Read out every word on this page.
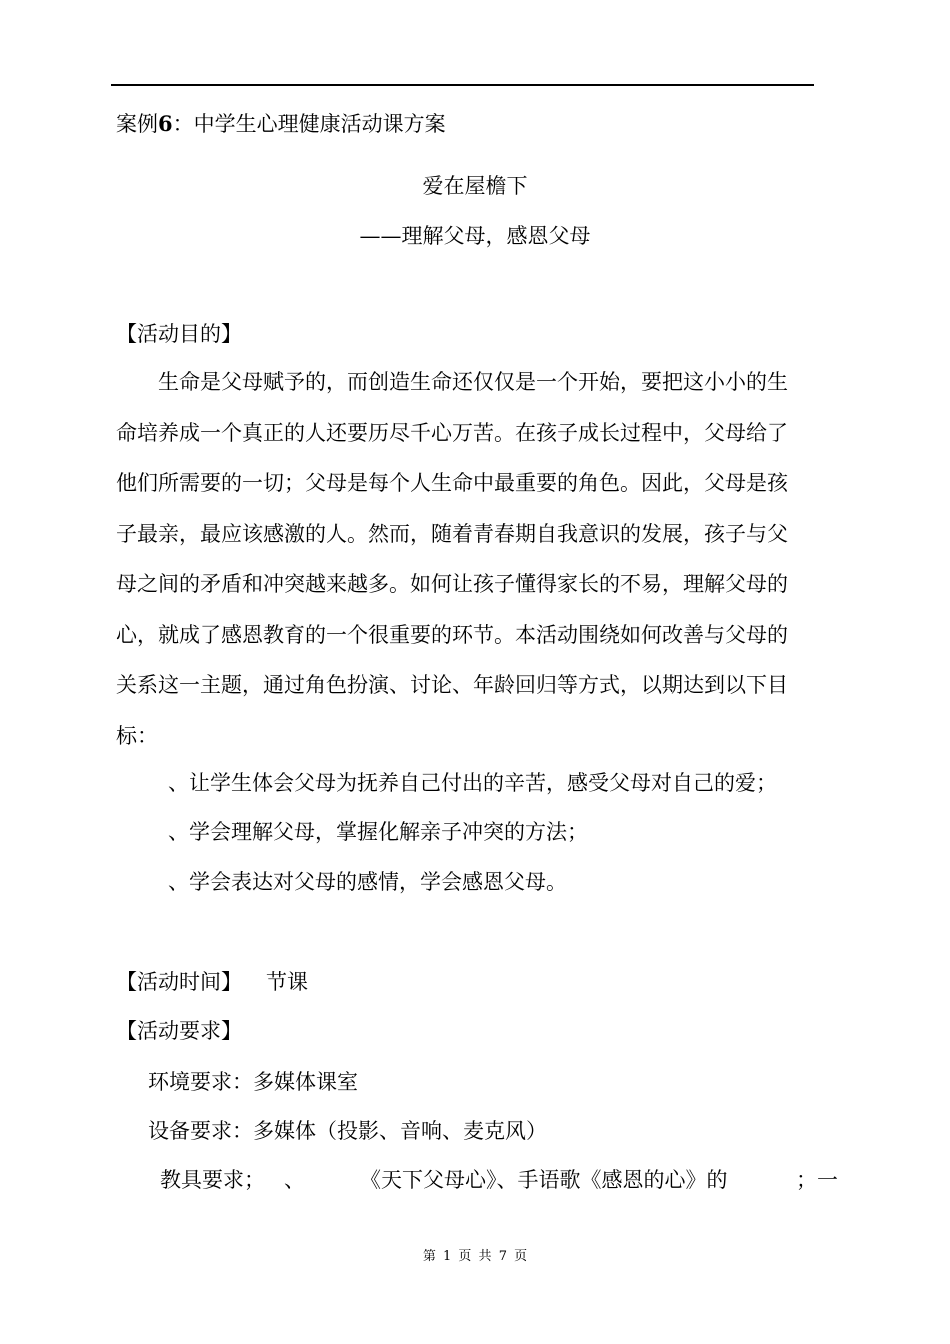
案例6：中学生心理健康活动课方案
爱在屋檐下
——理解父母，感恩父母
【活动目的】
生命是父母赋予的，而创造生命还仅仅是一个开始，要把这小小的生
命培养成一个真正的人还要历尽千心万苦。在孩子成长过程中，父母给了
他们所需要的一切；父母是每个人生命中最重要的角色。因此，父母是孩
子最亲，最应该感激的人。然而，随着青春期自我意识的发展，孩子与父
母之间的矛盾和冲突越来越多。如何让孩子懂得家长的不易，理解父母的
心，就成了感恩教育的一个很重要的环节。本活动围绕如何改善与父母的
关系这一主题，通过角色扮演、讨论、年龄回归等方式，以期达到以下目
标：
、让学生体会父母为抚养自己付出的辛苦，感受父母对自己的爱；
、学会理解父母，掌握化解亲子冲突的方法；
、学会表达对父母的感情，学会感恩父母。
【活动时间】 节课
【活动要求】
环境要求：多媒体课室
设备要求：多媒体（投影、音响、麦克风）
教具要求； 、	《天下父母心》、手语歌《感恩的心》的	；一
第 1 页 共 7 页
